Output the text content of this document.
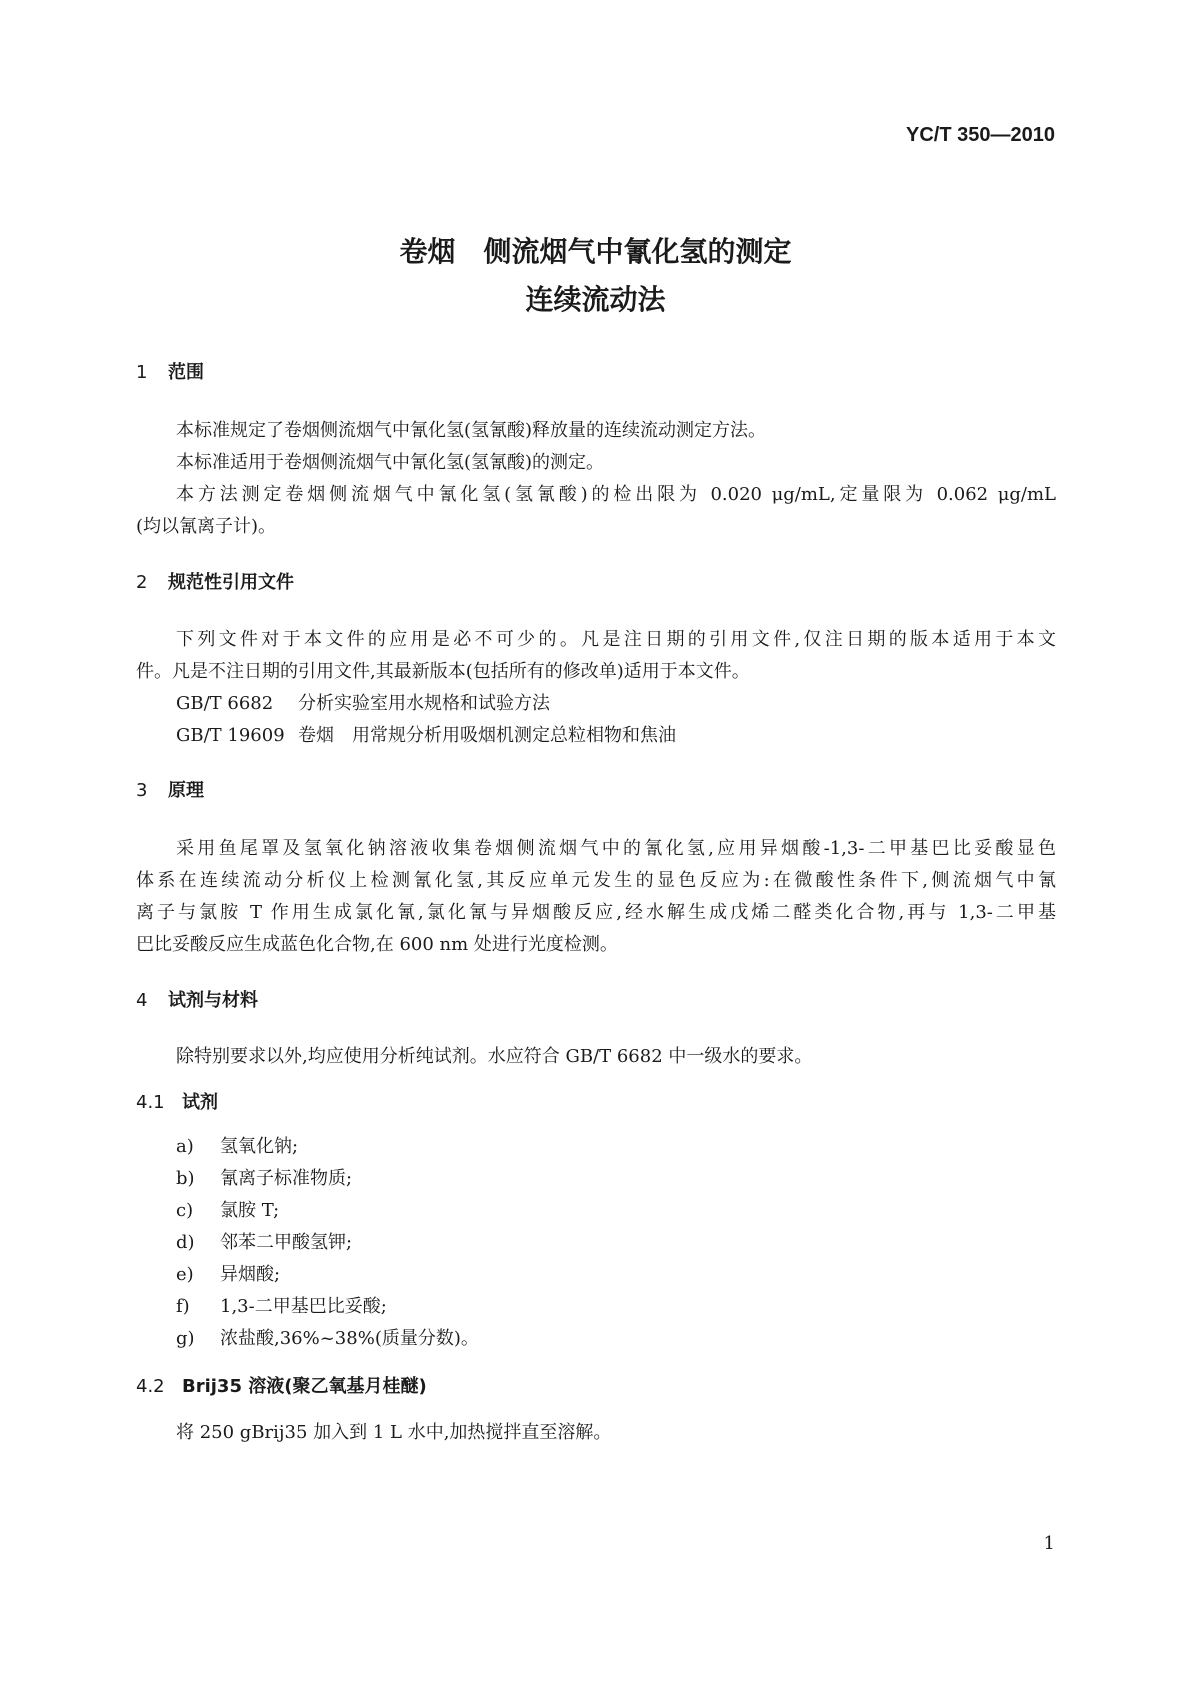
YC/T 350—2010
卷烟　侧流烟气中氰化氢的测定
连续流动法
1 范围
本标准规定了卷烟侧流烟气中氰化氢(氢氰酸)释放量的连续流动测定方法。
本标准适用于卷烟侧流烟气中氰化氢(氢氰酸)的测定。
本方法测定卷烟侧流烟气中氰化氢(氢氰酸)的检出限为 0.020 μg/mL,定量限为 0.062 μg/mL
(均以氰离子计)。
2 规范性引用文件
下列文件对于本文件的应用是必不可少的。凡是注日期的引用文件,仅注日期的版本适用于本文
件。凡是不注日期的引用文件,其最新版本(包括所有的修改单)适用于本文件。
GB/T 6682 分析实验室用水规格和试验方法
GB/T 19609 卷烟　用常规分析用吸烟机测定总粒相物和焦油
3 原理
采用鱼尾罩及氢氧化钠溶液收集卷烟侧流烟气中的氰化氢,应用异烟酸-1,3-二甲基巴比妥酸显色
体系在连续流动分析仪上检测氰化氢,其反应单元发生的显色反应为:在微酸性条件下,侧流烟气中氰
离子与氯胺 T 作用生成氯化氰,氯化氰与异烟酸反应,经水解生成戊烯二醛类化合物,再与 1,3-二甲基
巴比妥酸反应生成蓝色化合物,在 600 nm 处进行光度检测。
4 试剂与材料
除特别要求以外,均应使用分析纯试剂。水应符合 GB/T 6682 中一级水的要求。
4.1 试剂
a) 氢氧化钠;
b) 氰离子标准物质;
c) 氯胺 T;
d) 邻苯二甲酸氢钾;
e) 异烟酸;
f) 1,3-二甲基巴比妥酸;
g) 浓盐酸,36%~38%(质量分数)。
4.2 Brij35 溶液(聚乙氧基月桂醚)
将 250 gBrij35 加入到 1 L 水中,加热搅拌直至溶解。
1
